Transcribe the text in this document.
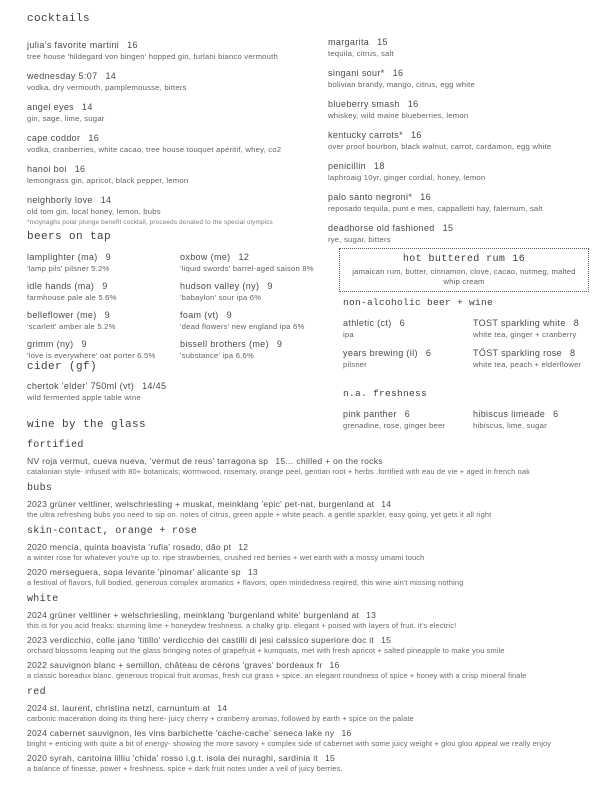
cocktails
julia's favorite martini 16
tree house 'hildegard von bingen' hopped gin, furlani bianco vermouth
wednesday 5:07 14
vodka, dry vermouth, pamplemousse, bitters
angel eyes 14
gin, sage, lime, sugar
cape coddor 16
vodka, cranberries, white cacao, tree house touquet apéritif, whey, co2
hanoi boi 16
lemongrass gin, apricot, black pepper, lemon
neighborly love 14
old tom gin, local honey, lemon, bubs
*moynaghs polar plunge benefit cocktail, proceeds donated to the special olympics
margarita 15
tequila, citrus, salt
singani sour* 16
bolivian brandy, mango, citrus, egg white
blueberry smash 16
whiskey, wild maine blueberries, lemon
kentucky carrots* 16
over proof bourbon, black walnut, carrot, cardamon, egg white
penicillin 18
laphroaig 10yr, ginger cordial, honey, lemon
palo santo negroni* 16
reposado tequila, punt e mes, cappalletti hay, falernum, salt
deadhorse old fashioned 15
rye, sugar, bitters
beers on tap
lamplighter (ma) 9
'lamp pils' pilsner 5.2%
oxbow (me) 12
'liquid swords' barrel-aged saison 8%
idle hands (ma) 9
farmhouse pale ale 5.6%
hudson valley (ny) 9
'babaylon' sour ipa 6%
belleflower (me) 9
'scarlett' amber ale 5.2%
foam (vt) 9
'dead flowers' new england ipa 6%
grimm (ny) 9
'love is everywhere' oat porter 6.5%
bissell brothers (me) 9
'substance' ipa 6.6%
cider (gf)
chertok 'elder' 750ml (vt) 14/45
wild fermented apple table wine
hot buttered rum 16
jamaican rum, butter, cinnamon, clove, cacao, nutmeg, malted whip cream
non-alcoholic beer + wine
athletic (ct) 6
ipa
TOST sparkling white 8
white tea, ginger + cranberry
years brewing (il) 6
pilsner
TÖST sparkling rose 8
white tea, peach + elderflower
n.a. freshness
pink panther 6
grenadine, rose, ginger beer
hibiscus limeade 6
hibiscus, lime, sugar
wine by the glass
fortified
NV roja vermut, cueva nueva, 'vermut de reus' tarragona sp 15... chilled + on the rocks
catalonian style- infused with 80+ botanicals; wormwood, rosemary, orange peel, gentian root + herbs .fortified with eau de vie + aged in french oak
bubs
2023 grüner veltliner, welschriesling + muskat, meinklang 'epic' pet-nat, burgenland at 14
the ultra refreshing bubs you need to sip on. notes of citrus, green apple + white peach. a gentle sparkler, easy going, yet gets it all right
skin-contact, orange + rose
2020 mencia, quinta boavista 'rufia' rosado, dão pt 12
a winter rose for whatever you're up to. ripe strawberries, crushed red berries + wet earth with a mossy umami touch
2020 merseguera, sopa levante 'pinomar' alicante sp 13
a festival of flavors, full bodied, generous complex aromatics + flavors, open mindedness reqired, this wine ain't missing nothing
white
2024 grüner veltliner + welschriesling, meinklang 'burgenland white' burgenland at 13
this is for you acid freaks: stunning lime + honeydew freshness. a chalky grip. elegant + poised with layers of fruit. it's electric!
2023 verdicchio, colle jano 'titillo' verdicchio dei castilli di jesi calssico superiore doc it 15
orchard blossoms leaping out the glass bringing notes of grapefruit + kumquats, met with fresh apricot + salted pineapple to make you smile
2022 sauvignon blanc + semillon, château de cérons 'graves' bordeaux fr 16
a classic boreadux blanc. generous tropical fruit aromas, fresh cut grass + spice. an elegant roundness of spice + honey with a crisp mineral finale
red
2024 st. laurent, christina netzl, carnuntum at 14
carbonic maceration doing its thing here- juicy cherry + cranberry aromas, followed by earth + spice on the palate
2024 cabernet sauvignon, les vins barbichette 'cache-cache' seneca lake ny 16
bright + enticing with quite a bit of energy- showing the more savory + complex side of cabernet with some juicy weight + glou glou appeal we really enjoy
2020 syrah, cantoina lilliu 'chida' rosso i.g.t. isola dei nuraghi, sardinia it 15
a balance of finesse, power + freshness. spice + dark fruit notes under a veil of juicy berries.
